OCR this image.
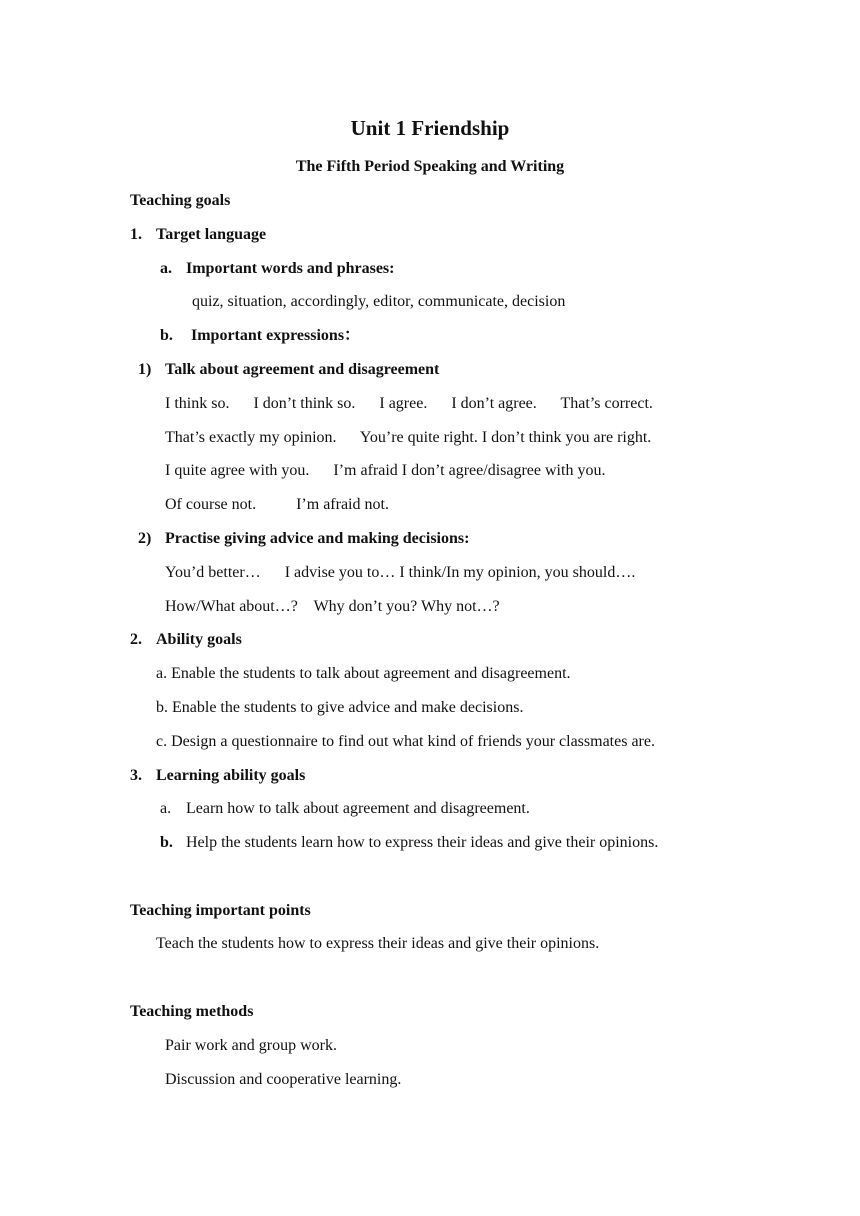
Unit 1 Friendship
The Fifth Period Speaking and Writing
Teaching goals
1. Target language
a. Important words and phrases:
quiz, situation, accordingly, editor, communicate, decision
b. Important expressions：
1) Talk about agreement and disagreement
I think so.      I don’t think so.      I agree.      I don’t agree.      That’s correct.
That’s exactly my opinion.      You’re quite right. I don’t think you are right.
I quite agree with you.      I’m afraid I don’t agree/disagree with you.
Of course not.          I’m afraid not.
2) Practise giving advice and making decisions:
You’d better…      I advise you to… I think/In my opinion, you should….
How/What about…?    Why don’t you? Why not…?
2. Ability goals
a. Enable the students to talk about agreement and disagreement.
b. Enable the students to give advice and make decisions.
c. Design a questionnaire to find out what kind of friends your classmates are.
3. Learning ability goals
a. Learn how to talk about agreement and disagreement.
b. Help the students learn how to express their ideas and give their opinions.
Teaching important points
Teach the students how to express their ideas and give their opinions.
Teaching methods
Pair work and group work.
Discussion and cooperative learning.
